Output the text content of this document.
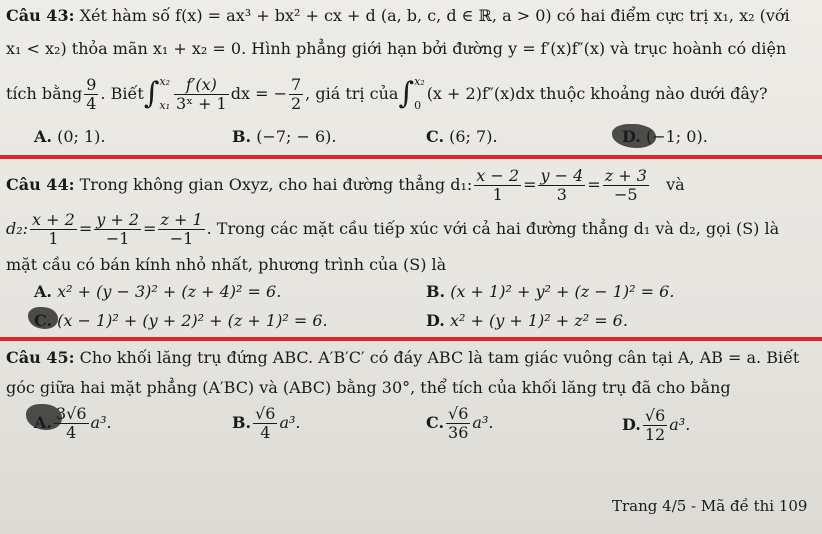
Câu 43: Xét hàm số f(x) = ax³ + bx² + cx + d (a, b, c, d ∈ ℝ, a > 0) có hai điểm cực trị x₁, x₂ (với
x₁ < x₂) thỏa mãn x₁ + x₂ = 0. Hình phẳng giới hạn bởi đường y = f′(x)f″(x) và trục hoành có diện
tích bằng $\frac{9}{4}$ . Biết ∫ x₂
$x_1 \frac{f'(x)}{\text{3ˣ + 1}}$ dx = − $\frac{7}{2}$ , giá trị của ∫ x₂
0
(x + 2)f″(x)dx thuộc khoảng nào dưới đây?
A. (0; 1).	B. (−7; − 6).	C. (6; 7).	D. (−1; 0).
Câu 44:
Trong không gian Oxyz, cho hai đường thẳng d₁: $\frac{x - 2}{1} = \frac{y - 4}{3} = \frac{z + 3}{-5}$
và
d₂: $\frac{x + 2}{1} = \frac{y + 2}{-1} = \frac{z + 1}{-1}$ . Trong các mặt cầu tiếp xúc với cả hai đường thẳng d₁ và d₂, gọi (S) là
mặt cầu có bán kính nhỏ nhất, phương trình của (S) là
A. x² + (y − 3)² + (z + 4)² = 6.	B. (x + 1)² + y² + (z − 1)² = 6.
C. (x − 1)² + (y + 2)² + (z + 1)² = 6.	D. x² + (y + 1)² + z² = 6.
Câu 45: Cho khối lăng trụ đứng ABC. A′B′C′ có đáy ABC là tam giác vuông cân tại A, AB = a. Biết
góc giữa hai mặt phẳng (A′BC) và (ABC) bằng 30°, thể tích của khối lăng trụ đã cho bằng
A. $\frac{3√6}{4} a^3$.	B. $\frac{√6}{4} a^3$.	C. $\frac{√6}{36} a^3$.	D. $\frac{√6}{12} a^3$.
Trang 4/5 - Mã đề thi 109
